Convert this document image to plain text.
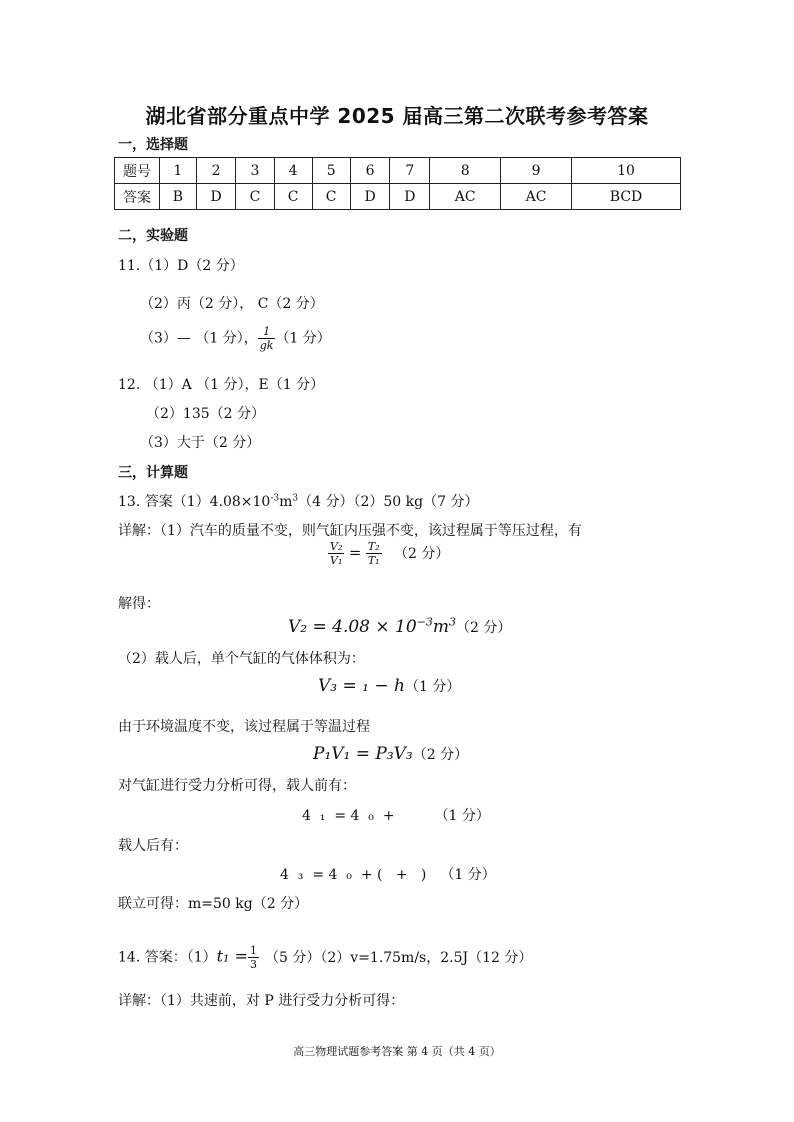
湖北省部分重点中学 2025 届高三第二次联考参考答案
一，选择题
题号	1	2	3	4	5	6	7	8	9	10
答案	B	D	C	C	C	D	D	AC	AC	BCD
二，实验题
11.（1）D（2 分）
（2）丙（2 分）， C（2 分）
（3）— （1 分）， $\frac{1}{gk} (1$ 分）
12. （1）A （1 分），E（1 分）
（2）135（2 分）
（3）大于（2 分）
三，计算题
13. 答案$(1)4.08\times 10^{-3}m^3(4$ 分）（2）50 kg（7 分）
详解：（1）汽车的质量不变，则气缸内压强不变，该过程属于等压过程，有
$\frac{\text{V₂}}{\text{V₁}} = \frac{\text{T₂}}{\text{T₁}} (2$ 分）
解得：
$V_2 = 4.08 \times 10^{-3}m^3(2$ 分）
（2）载人后，单个气缸的气体体积为：
V₃ = ₁ − h（1 分）
由于环境温度不变，该过程属于等温过程
P₁V₁ = P₃V₃（2 分）
对气缸进行受力分析可得，载人前有：
4  ₁  = 4  ₀  +	（1 分）
载人后有：
4  ₃  = 4  ₀  + (   +   ) （1 分）
联立可得：m=50 kg（2 分）
14. 答案：$(1)t_1 = \frac{1}{3} (5$ 分）（2）v=1.75m/s，2.5J（12 分）
详解：（1）共速前，对 P 进行受力分析可得：
高三物理试题参考答案 第 4 页（共 4 页）
